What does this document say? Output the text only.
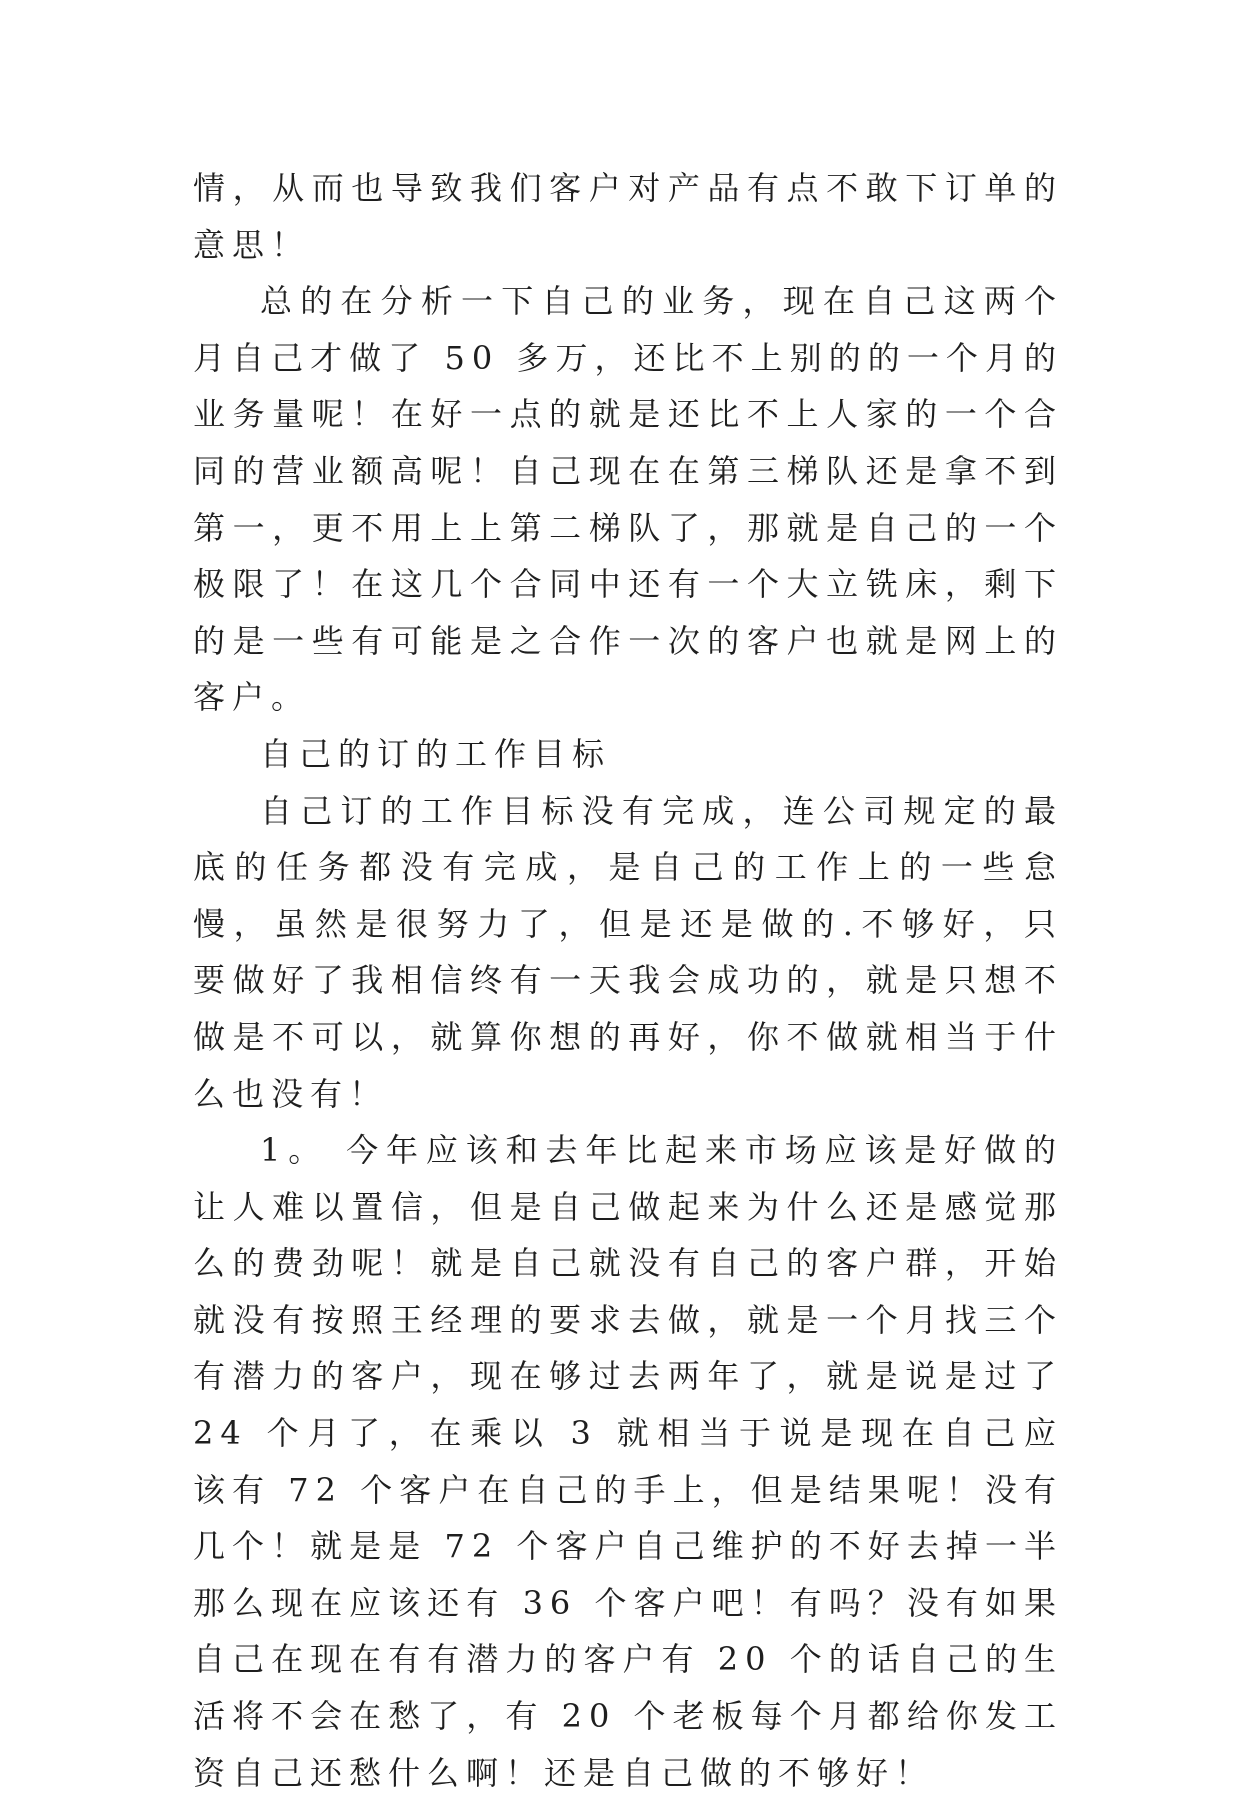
情，从而也导致我们客户对产品有点不敢下订单的意思！

总的在分析一下自己的业务，现在自己这两个月自己才做了 50 多万，还比不上别的的一个月的业务量呢！在好一点的就是还比不上人家的一个合同的营业额高呢！自己现在在第三梯队还是拿不到第一，更不用上上第二梯队了，那就是自己的一个极限了！在这几个合同中还有一个大立铣床，剩下的是一些有可能是之合作一次的客户也就是网上的客户。

自己的订的工作目标

自己订的工作目标没有完成，连公司规定的最底的任务都没有完成，是自己的工作上的一些怠慢，虽然是很努力了，但是还是做的.不够好，只要做好了我相信终有一天我会成功的，就是只想不做是不可以，就算你想的再好，你不做就相当于什么也没有！

1。 今年应该和去年比起来市场应该是好做的让人难以置信，但是自己做起来为什么还是感觉那么的费劲呢！就是自己就没有自己的客户群，开始就没有按照王经理的要求去做，就是一个月找三个有潜力的客户，现在够过去两年了，就是说是过了 24 个月了，在乘以 3 就相当于说是现在自己应该有 72 个客户在自己的手上，但是结果呢！没有几个！就是是 72 个客户自己维护的不好去掉一半那么现在应该还有 36 个客户吧！有吗？没有如果自己在现在有有潜力的客户有 20 个的话自己的生活将不会在愁了，有 20 个老板每个月都给你发工资自己还愁什么啊！还是自己做的不够好！
